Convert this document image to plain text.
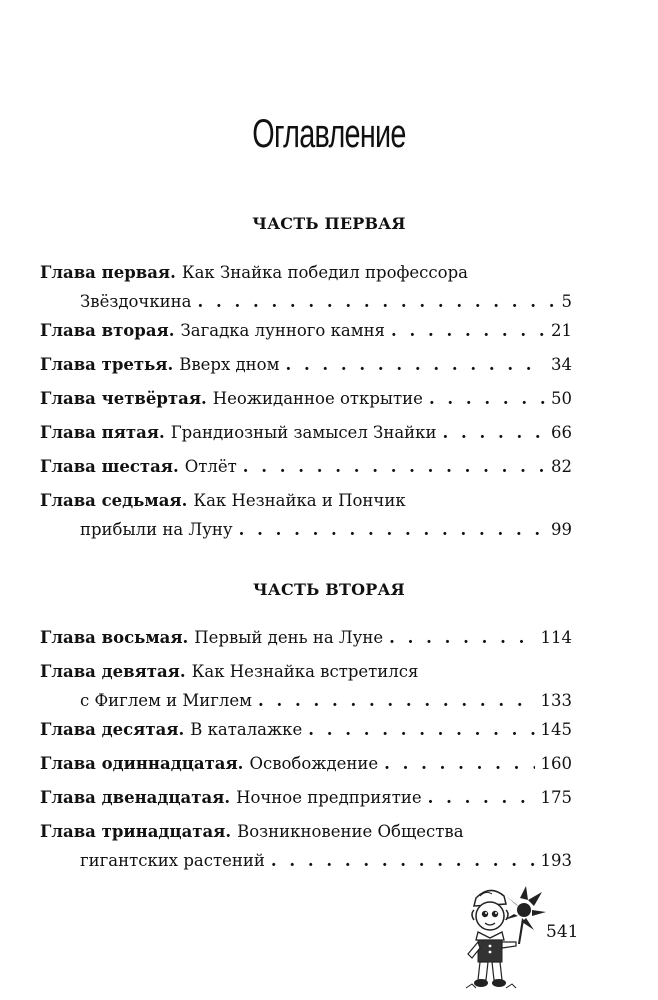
Оглавление
ЧАСТЬ ПЕРВАЯ
Глава первая. Как Знайка победил профессора
Звёздочкина . . .	5
Глава вторая. Загадка лунного камня . . .	21
Глава третья. Вверх дном . . .	34
Глава четвёртая. Неожиданное открытие . . .	50
Глава пятая. Грандиозный замысел Знайки . . .	66
Глава шестая. Отлёт . . .	82
Глава седьмая. Как Незнайка и Пончик
прибыли на Луну . . .	99
ЧАСТЬ ВТОРАЯ
Глава восьмая. Первый день на Луне . . .	114
Глава девятая. Как Незнайка встретился
с Фиглем и Миглем . . .	133
Глава десятая. В каталажке . . .	145
Глава одиннадцатая. Освобождение . . .	160
Глава двенадцатая. Ночное предприятие . . .	175
Глава тринадцатая. Возникновение Общества
гигантских растений . . .	193
541
